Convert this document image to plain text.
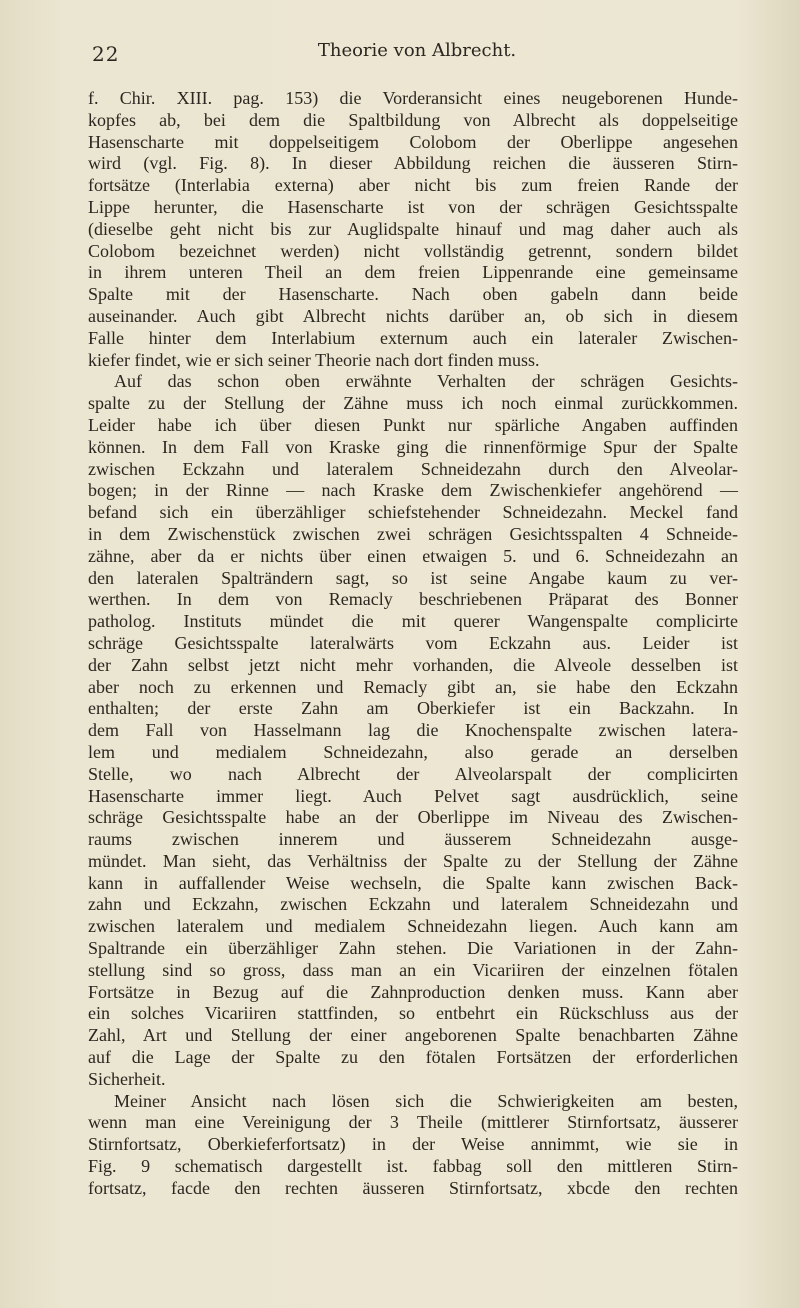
22	Theorie von Albrecht.
f. Chir. XIII. pag. 153) die Vorderansicht eines neugeborenen Hunde-
kopfes ab, bei dem die Spaltbildung von Albrecht als doppelseitige
Hasenscharte mit doppelseitigem Colobom der Oberlippe angesehen
wird (vgl. Fig. 8). In dieser Abbildung reichen die äusseren Stirn-
fortsätze (Interlabia externa) aber nicht bis zum freien Rande der
Lippe herunter, die Hasenscharte ist von der schrägen Gesichtsspalte
(dieselbe geht nicht bis zur Auglidspalte hinauf und mag daher auch als
Colobom bezeichnet werden) nicht vollständig getrennt, sondern bildet
in ihrem unteren Theil an dem freien Lippenrande eine gemeinsame
Spalte mit der Hasenscharte. Nach oben gabeln dann beide
auseinander. Auch gibt Albrecht nichts darüber an, ob sich in diesem
Falle hinter dem Interlabium externum auch ein lateraler Zwischen-
kiefer findet, wie er sich seiner Theorie nach dort finden muss.
Auf das schon oben erwähnte Verhalten der schrägen Gesichts-
spalte zu der Stellung der Zähne muss ich noch einmal zurückkommen.
Leider habe ich über diesen Punkt nur spärliche Angaben auffinden
können. In dem Fall von Kraske ging die rinnenförmige Spur der Spalte
zwischen Eckzahn und lateralem Schneidezahn durch den Alveolar-
bogen; in der Rinne — nach Kraske dem Zwischenkiefer angehörend —
befand sich ein überzähliger schiefstehender Schneidezahn. Meckel fand
in dem Zwischenstück zwischen zwei schrägen Gesichtsspalten 4 Schneide-
zähne, aber da er nichts über einen etwaigen 5. und 6. Schneidezahn an
den lateralen Spalträndern sagt, so ist seine Angabe kaum zu ver-
werthen. In dem von Remacly beschriebenen Präparat des Bonner
patholog. Instituts mündet die mit querer Wangenspalte complicirte
schräge Gesichtsspalte lateralwärts vom Eckzahn aus. Leider ist
der Zahn selbst jetzt nicht mehr vorhanden, die Alveole desselben ist
aber noch zu erkennen und Remacly gibt an, sie habe den Eckzahn
enthalten; der erste Zahn am Oberkiefer ist ein Backzahn. In
dem Fall von Hasselmann lag die Knochenspalte zwischen latera-
lem und medialem Schneidezahn, also gerade an derselben
Stelle, wo nach Albrecht der Alveolarspalt der complicirten
Hasenscharte immer liegt. Auch Pelvet sagt ausdrücklich, seine
schräge Gesichtsspalte habe an der Oberlippe im Niveau des Zwischen-
raums zwischen innerem und äusserem Schneidezahn ausge-
mündet. Man sieht, das Verhältniss der Spalte zu der Stellung der Zähne
kann in auffallender Weise wechseln, die Spalte kann zwischen Back-
zahn und Eckzahn, zwischen Eckzahn und lateralem Schneidezahn und
zwischen lateralem und medialem Schneidezahn liegen. Auch kann am
Spaltrande ein überzähliger Zahn stehen. Die Variationen in der Zahn-
stellung sind so gross, dass man an ein Vicariiren der einzelnen fötalen
Fortsätze in Bezug auf die Zahnproduction denken muss. Kann aber
ein solches Vicariiren stattfinden, so entbehrt ein Rückschluss aus der
Zahl, Art und Stellung der einer angeborenen Spalte benachbarten Zähne
auf die Lage der Spalte zu den fötalen Fortsätzen der erforderlichen
Sicherheit.
Meiner Ansicht nach lösen sich die Schwierigkeiten am besten,
wenn man eine Vereinigung der 3 Theile (mittlerer Stirnfortsatz, äusserer
Stirnfortsatz, Oberkieferfortsatz) in der Weise annimmt, wie sie in
Fig. 9 schematisch dargestellt ist. fabbag soll den mittleren Stirn-
fortsatz, facde den rechten äusseren Stirnfortsatz, xbcde den rechten
